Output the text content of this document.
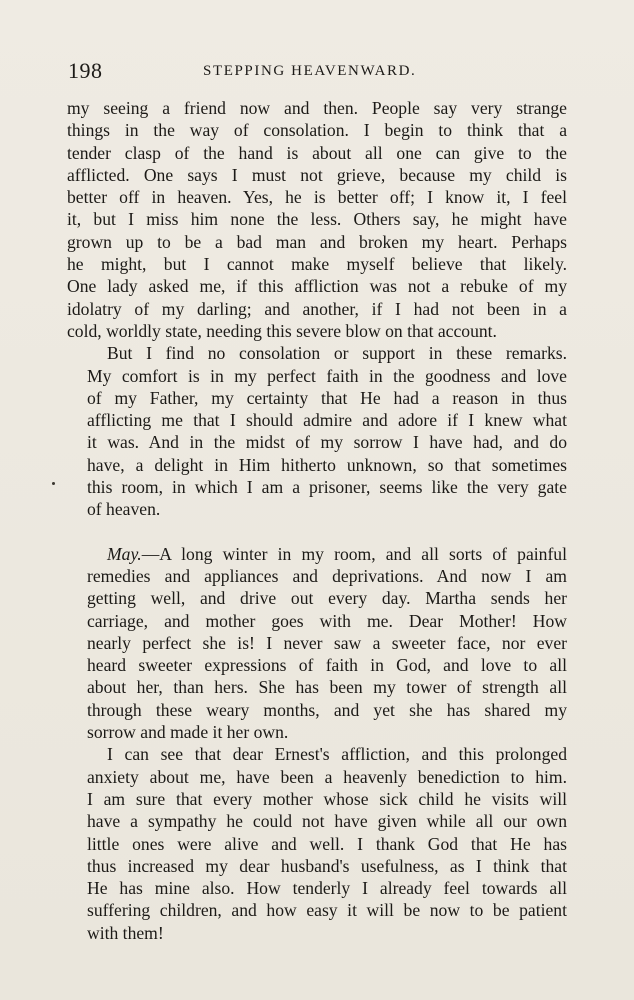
198	STEPPING HEAVENWARD.
my seeing a friend now and then. People say very strange
things in the way of consolation. I begin to think that a
tender clasp of the hand is about all one can give to the
afflicted. One says I must not grieve, because my child is
better off in heaven. Yes, he is better off; I know it, I feel
it, but I miss him none the less. Others say, he might have
grown up to be a bad man and broken my heart. Perhaps
he might, but I cannot make myself believe that likely.
One lady asked me, if this affliction was not a rebuke of my
idolatry of my darling; and another, if I had not been in a
cold, worldly state, needing this severe blow on that account.
But I find no consolation or support in these remarks.
My comfort is in my perfect faith in the goodness and love
of my Father, my certainty that He had a reason in thus
afflicting me that I should admire and adore if I knew what
it was. And in the midst of my sorrow I have had, and do
have, a delight in Him hitherto unknown, so that sometimes
this room, in which I am a prisoner, seems like the very gate
of heaven.
May.—A long winter in my room, and all sorts of painful
remedies and appliances and deprivations. And now I am
getting well, and drive out every day. Martha sends her
carriage, and mother goes with me. Dear Mother! How
nearly perfect she is! I never saw a sweeter face, nor ever
heard sweeter expressions of faith in God, and love to all
about her, than hers. She has been my tower of strength all
through these weary months, and yet she has shared my
sorrow and made it her own.
I can see that dear Ernest's affliction, and this prolonged
anxiety about me, have been a heavenly benediction to him.
I am sure that every mother whose sick child he visits will
have a sympathy he could not have given while all our own
little ones were alive and well. I thank God that He has
thus increased my dear husband's usefulness, as I think that
He has mine also. How tenderly I already feel towards all
suffering children, and how easy it will be now to be patient
with them!
